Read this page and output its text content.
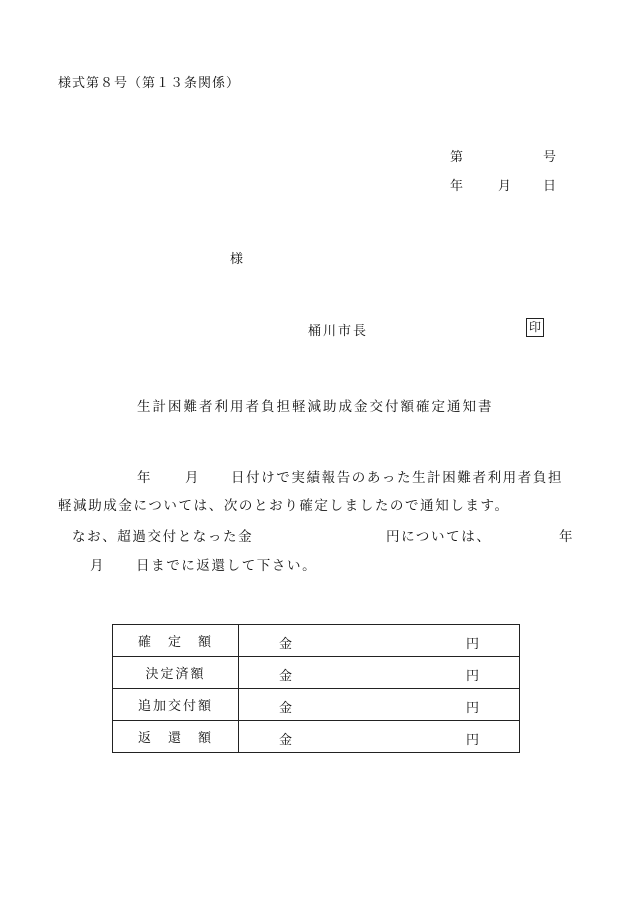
様式第８号（第１３条関係）
第	号
年	月 日
様
桶川市長	印
生計困難者利用者負担軽減助成金交付額確定通知書
年 月 日付けで実績報告のあった生計困難者利用者負担
軽減助成金については、次のとおり確定しましたので通知します。
なお、超過交付となった金	円については、	年
月 日までに返還して下さい。
確　定　額	金 円

決定済額	金 円

追加交付額	金 円

返　還　額	金 円
